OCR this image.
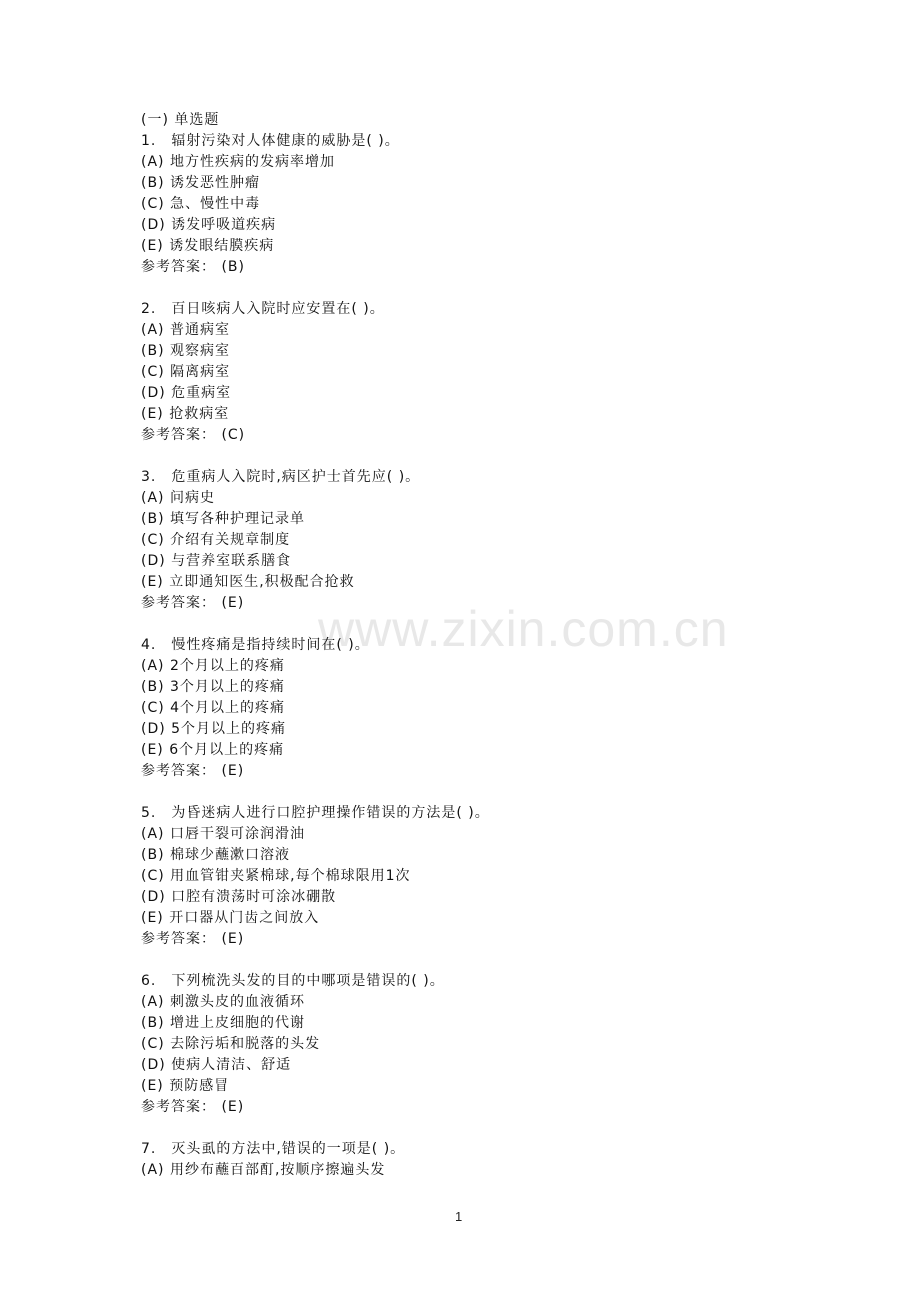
www.zixin.com.cn
(一) 单选题
1.　辐射污染对人体健康的威胁是( )。
(A) 地方性疾病的发病率增加
(B) 诱发恶性肿瘤
(C) 急、慢性中毒
(D) 诱发呼吸道疾病
(E) 诱发眼结膜疾病
参考答案： (B)
2.　百日咳病人入院时应安置在( )。
(A) 普通病室
(B) 观察病室
(C) 隔离病室
(D) 危重病室
(E) 抢救病室
参考答案： (C)
3.　危重病人入院时,病区护士首先应( )。
(A) 问病史
(B) 填写各种护理记录单
(C) 介绍有关规章制度
(D) 与营养室联系膳食
(E) 立即通知医生,积极配合抢救
参考答案： (E)
4.　慢性疼痛是指持续时间在( )。
(A) 2个月以上的疼痛
(B) 3个月以上的疼痛
(C) 4个月以上的疼痛
(D) 5个月以上的疼痛
(E) 6个月以上的疼痛
参考答案： (E)
5.　为昏迷病人进行口腔护理操作错误的方法是( )。
(A) 口唇干裂可涂润滑油
(B) 棉球少蘸漱口溶液
(C) 用血管钳夹紧棉球,每个棉球限用1次
(D) 口腔有溃荡时可涂冰硼散
(E) 开口器从门齿之间放入
参考答案： (E)
6.　下列梳洗头发的目的中哪项是错误的( )。
(A) 刺激头皮的血液循环
(B) 增进上皮细胞的代谢
(C) 去除污垢和脱落的头发
(D) 使病人清洁、舒适
(E) 预防感冒
参考答案： (E)
7.　灭头虱的方法中,错误的一项是( )。
(A) 用纱布蘸百部酊,按顺序擦遍头发
1
